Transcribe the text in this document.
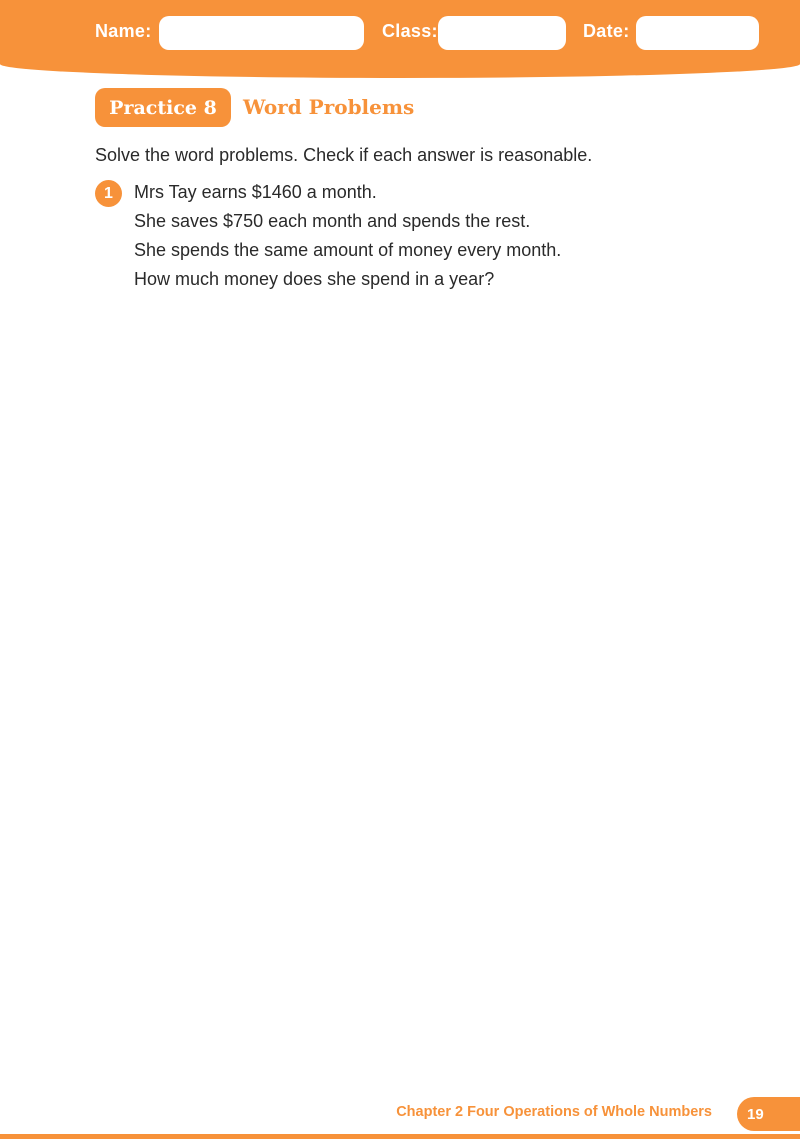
Name:	Class:	Date:
Practice 8	Word Problems
Solve the word problems. Check if each answer is reasonable.
1	Mrs Tay earns $1460 a month.
She saves $750 each month and spends the rest.
She spends the same amount of money every month.
How much money does she spend in a year?
Chapter 2 Four Operations of Whole Numbers	19
